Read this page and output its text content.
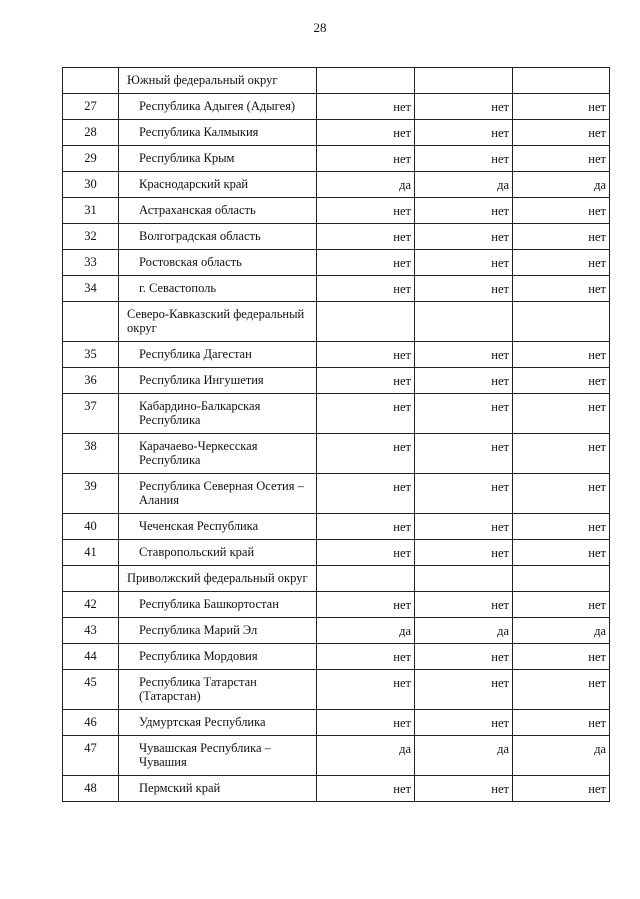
28
	Южный федеральный округ			
27	Республика Адыгея (Адыгея)	нет	нет	нет
28	Республика Калмыкия	нет	нет	нет
29	Республика Крым	нет	нет	нет
30	Краснодарский край	да	да	да
31	Астраханская область	нет	нет	нет
32	Волгоградская область	нет	нет	нет
33	Ростовская область	нет	нет	нет
34	г. Севастополь	нет	нет	нет
	Северо-Кавказский федеральный округ			
35	Республика Дагестан	нет	нет	нет
36	Республика Ингушетия	нет	нет	нет
37	Кабардино-Балкарская Республика	нет	нет	нет
38	Карачаево-Черкесская Республика	нет	нет	нет
39	Республика Северная Осетия – Алания	нет	нет	нет
40	Чеченская Республика	нет	нет	нет
41	Ставропольский край	нет	нет	нет
	Приволжский федеральный округ			
42	Республика Башкортостан	нет	нет	нет
43	Республика Марий Эл	да	да	да
44	Республика Мордовия	нет	нет	нет
45	Республика Татарстан (Татарстан)	нет	нет	нет
46	Удмуртская Республика	нет	нет	нет
47	Чувашская Республика – Чувашия	да	да	да
48	Пермский край	нет	нет	нет
